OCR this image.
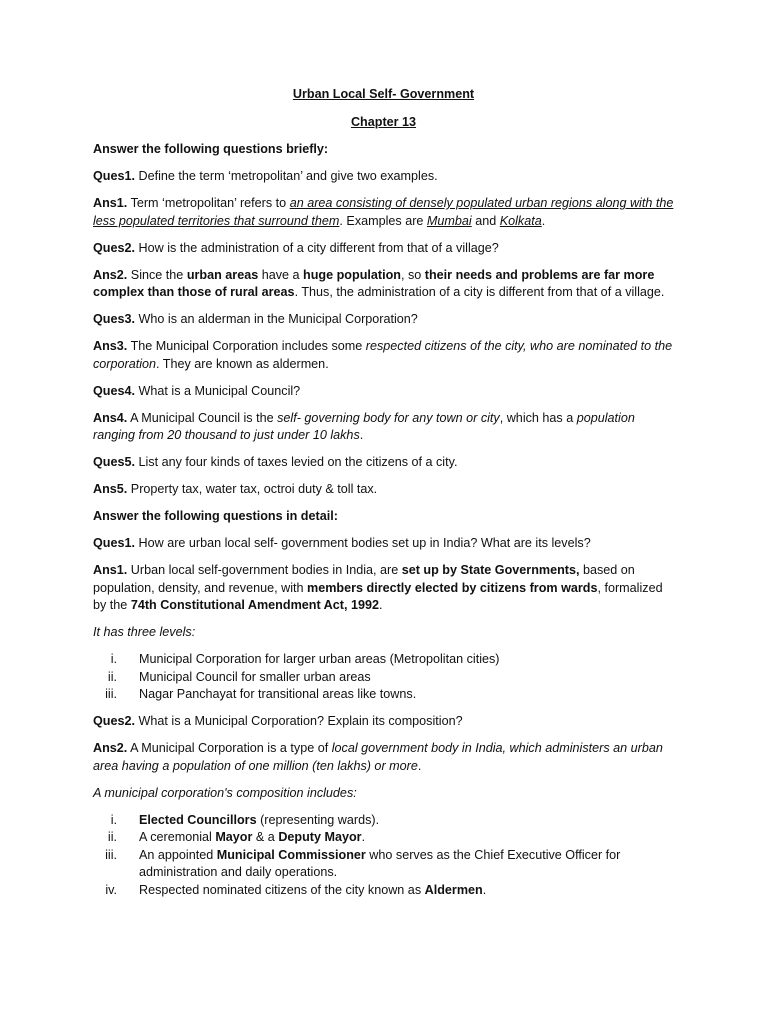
Urban Local Self- Government
Chapter 13

Answer the following questions briefly:

Ques1. Define the term ‘metropolitan’ and give two examples.

Ans1. Term ‘metropolitan’ refers to an area consisting of densely populated urban regions along with the less populated territories that surround them. Examples are Mumbai and Kolkata.

Ques2. How is the administration of a city different from that of a village?

Ans2. Since the urban areas have a huge population, so their needs and problems are far more complex than those of rural areas. Thus, the administration of a city is different from that of a village.

Ques3. Who is an alderman in the Municipal Corporation?

Ans3. The Municipal Corporation includes some respected citizens of the city, who are nominated to the corporation. They are known as aldermen.

Ques4. What is a Municipal Council?

Ans4. A Municipal Council is the self- governing body for any town or city, which has a population ranging from 20 thousand to just under 10 lakhs.

Ques5. List any four kinds of taxes levied on the citizens of a city.

Ans5. Property tax, water tax, octroi duty & toll tax.

Answer the following questions in detail:

Ques1. How are urban local self- government bodies set up in India? What are its levels?

Ans1. Urban local self-government bodies in India, are set up by State Governments, based on population, density, and revenue, with members directly elected by citizens from wards, formalized by the 74th Constitutional Amendment Act, 1992.

It has three levels:

i. Municipal Corporation for larger urban areas (Metropolitan cities)
ii. Municipal Council for smaller urban areas
iii. Nagar Panchayat for transitional areas like towns.

Ques2. What is a Municipal Corporation? Explain its composition?

Ans2. A Municipal Corporation is a type of local government body in India, which administers an urban area having a population of one million (ten lakhs) or more.

A municipal corporation's composition includes:

i. Elected Councillors (representing wards).
ii. A ceremonial Mayor & a Deputy Mayor.
iii. An appointed Municipal Commissioner who serves as the Chief Executive Officer for administration and daily operations.
iv. Respected nominated citizens of the city known as Aldermen.
